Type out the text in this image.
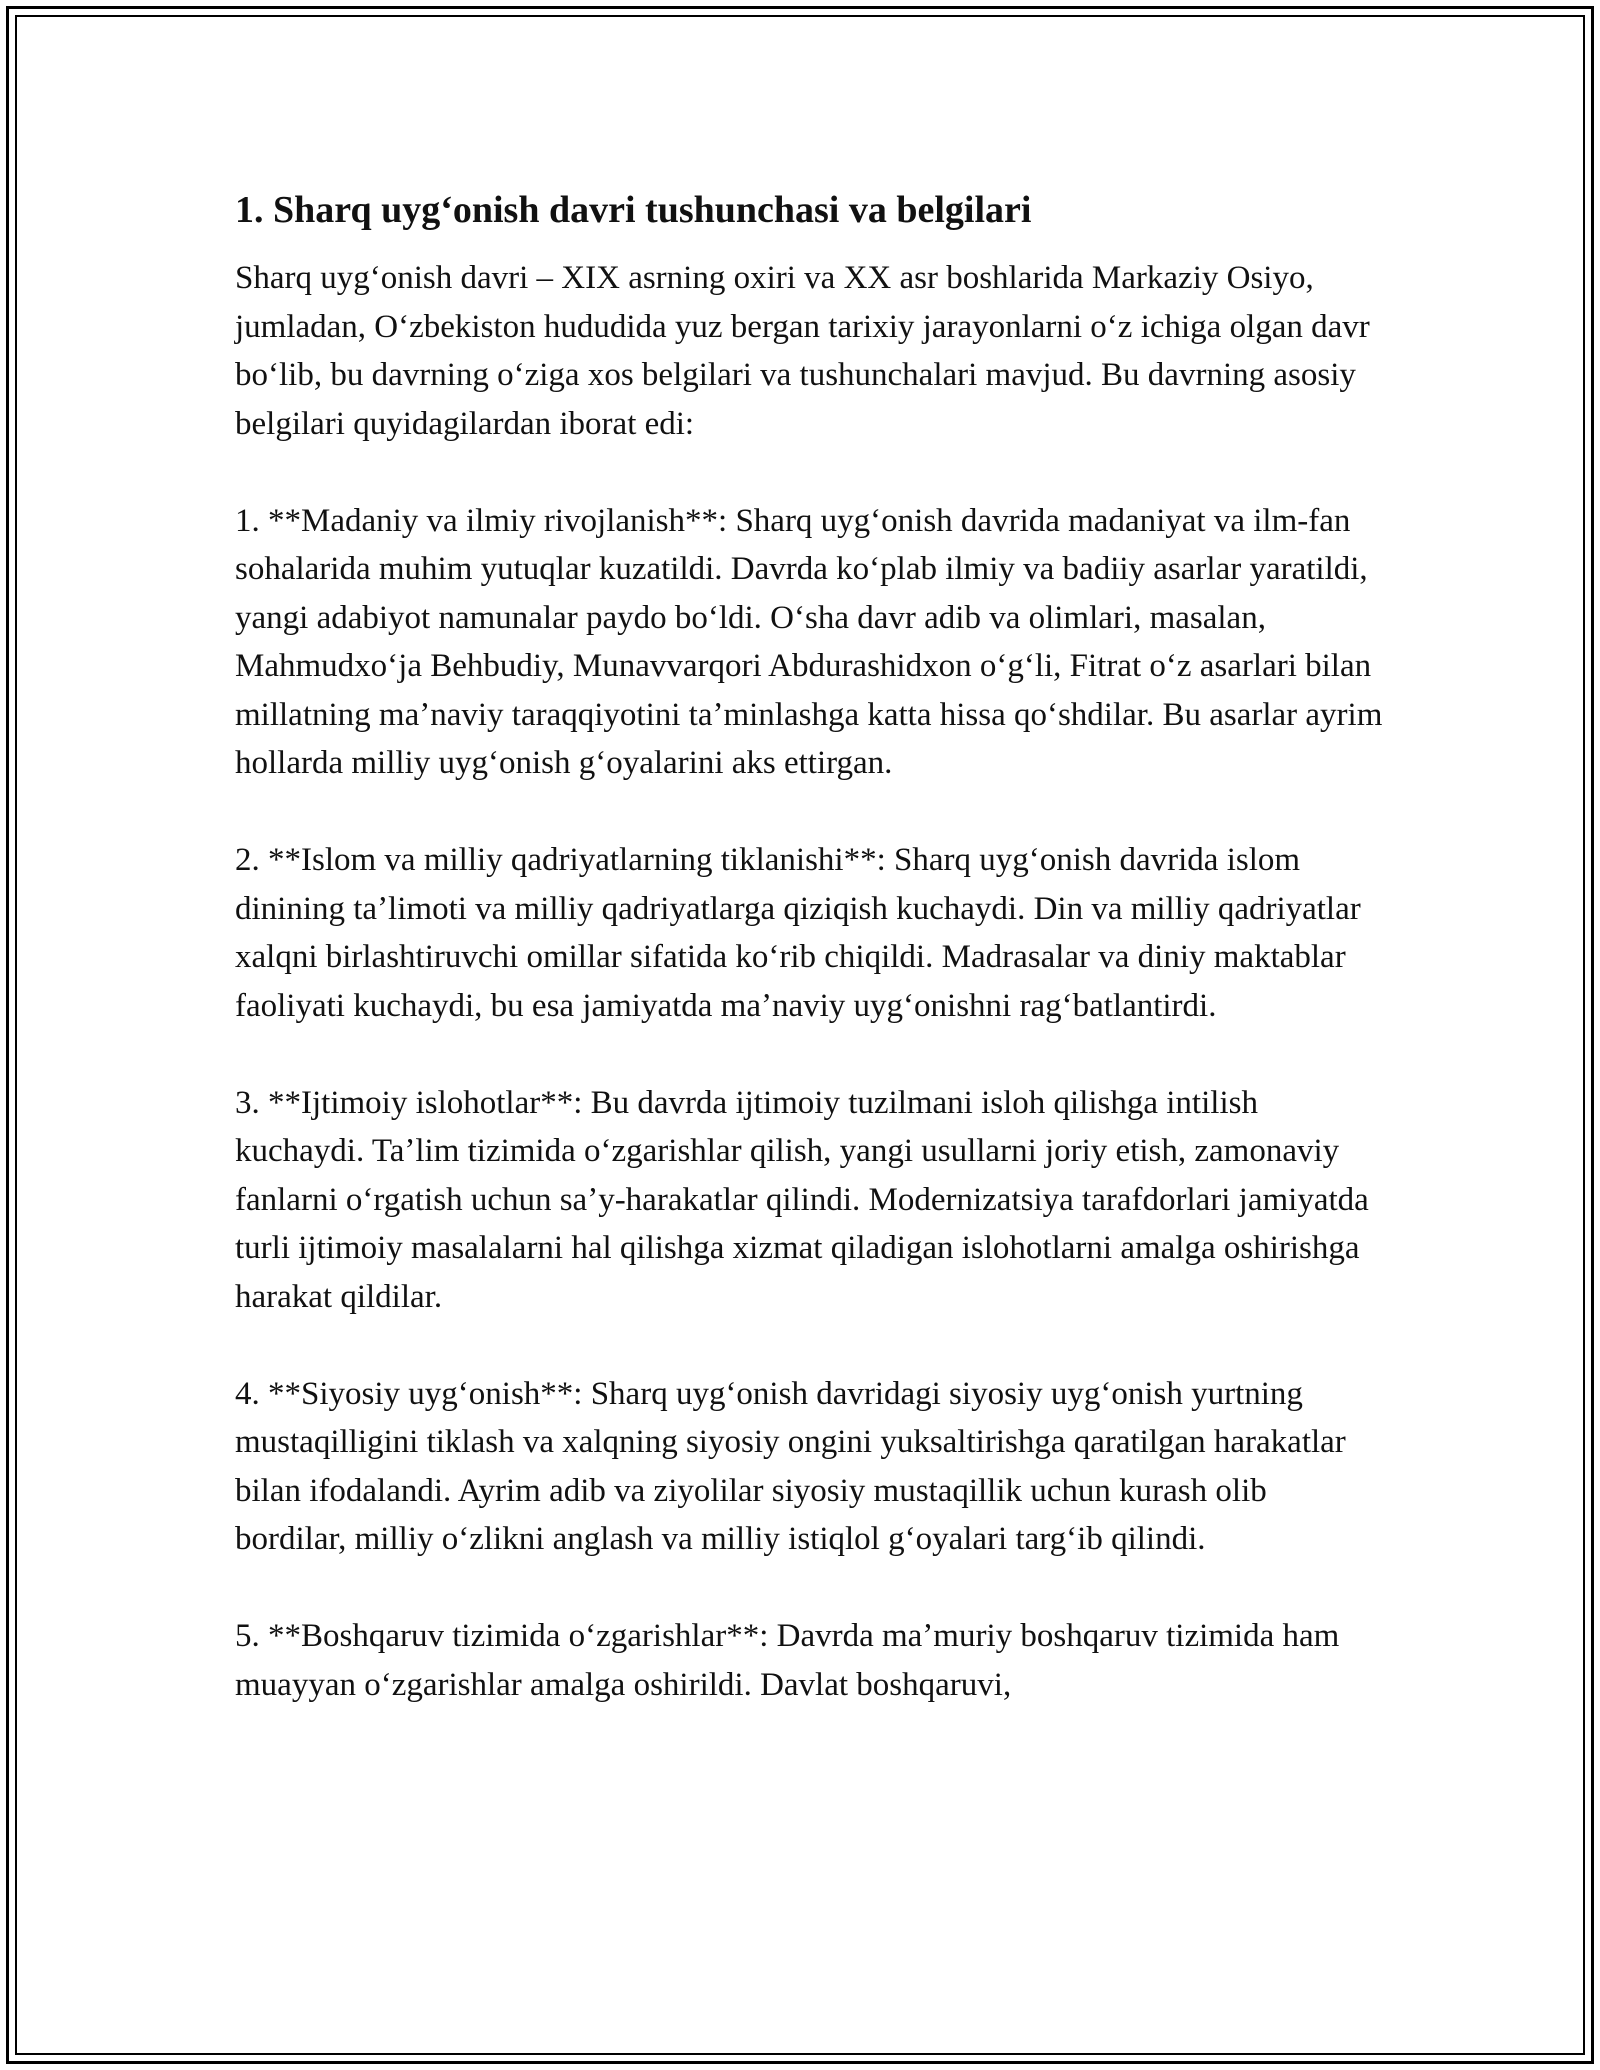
1. Sharq uygʻonish davri tushunchasi va belgilari

Sharq uygʻonish davri – XIX asrning oxiri va XX asr boshlarida Markaziy Osiyo, jumladan, Oʻzbekiston hududida yuz bergan tarixiy jarayonlarni oʻz ichiga olgan davr boʻlib, bu davrning oʻziga xos belgilari va tushunchalari mavjud. Bu davrning asosiy belgilari quyidagilardan iborat edi:

1. **Madaniy va ilmiy rivojlanish**: Sharq uygʻonish davrida madaniyat va ilm-fan sohalarida muhim yutuqlar kuzatildi. Davrda koʻplab ilmiy va badiiy asarlar yaratildi, yangi adabiyot namunalar paydo boʻldi. Oʻsha davr adib va olimlari, masalan, Mahmudxoʻja Behbudiy, Munavvarqori Abdurashidxon oʻgʻli, Fitrat oʻz asarlari bilan millatning maʼnaviy taraqqiyotini taʼminlashga katta hissa qoʻshdilar. Bu asarlar ayrim hollarda milliy uygʻonish gʻoyalarini aks ettirgan.

2. **Islom va milliy qadriyatlarning tiklanishi**: Sharq uygʻonish davrida islom dinining taʼlimoti va milliy qadriyatlarga qiziqish kuchaydi. Din va milliy qadriyatlar xalqni birlashtiruvchi omillar sifatida koʻrib chiqildi. Madrasalar va diniy maktablar faoliyati kuchaydi, bu esa jamiyatda maʼnaviy uygʻonishni ragʻbatlantirdi.

3. **Ijtimoiy islohotlar**: Bu davrda ijtimoiy tuzilmani isloh qilishga intilish kuchaydi. Taʼlim tizimida oʻzgarishlar qilish, yangi usullarni joriy etish, zamonaviy fanlarni oʻrgatish uchun saʼy-harakatlar qilindi. Modernizatsiya tarafdorlari jamiyatda turli ijtimoiy masalalarni hal qilishga xizmat qiladigan islohotlarni amalga oshirishga harakat qildilar.

4. **Siyosiy uygʻonish**: Sharq uygʻonish davridagi siyosiy uygʻonish yurtning mustaqilligini tiklash va xalqning siyosiy ongini yuksaltirishga qaratilgan harakatlar bilan ifodalandi. Ayrim adib va ziyolilar siyosiy mustaqillik uchun kurash olib bordilar, milliy oʻzlikni anglash va milliy istiqlol gʻoyalari targʻib qilindi.

5. **Boshqaruv tizimida oʻzgarishlar**: Davrda maʼmuriy boshqaruv tizimida ham muayyan oʻzgarishlar amalga oshirildi. Davlat boshqaruvi,
